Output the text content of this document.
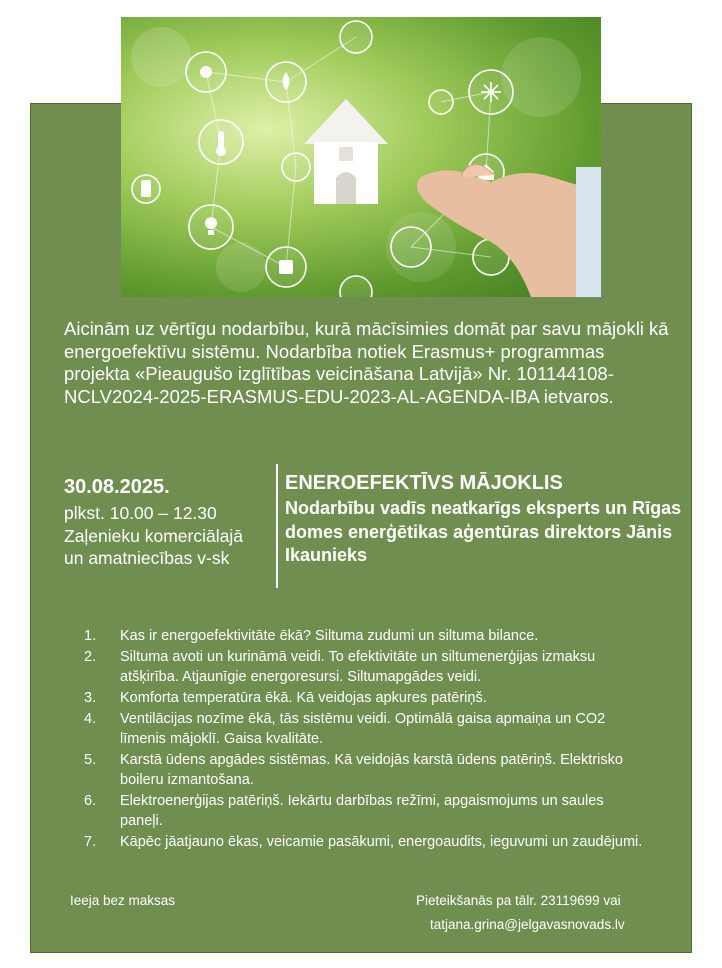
Aicinām uz vērtīgu nodarbību, kurā mācīsimies domāt par savu mājokli kā energoefektīvu sistēmu. Nodarbība notiek Erasmus+ programmas projekta «Pieaugušo izglītības veicināšana Latvijā» Nr. 101144108-NCLV2024-2025-ERASMUS-EDU-2023-AL-AGENDA-IBA ietvaros.
30.08.2025.
plkst. 10.00 – 12.30
Zaļenieku komerciālajā
un amatniecības v-sk
ENEROEFEKTĪVS MĀJOKLIS
Nodarbību vadīs neatkarīgs eksperts un Rīgas domes enerģētikas aģentūras direktors Jānis Ikaunieks
1. Kas ir energoefektivitāte ēkā? Siltuma zudumi un siltuma bilance.
2. Siltuma avoti un kurināmā veidi. To efektivitāte un siltumenerģijas izmaksu atšķirība. Atjaunīgie energoresursi. Siltumapgādes veidi.
3. Komforta temperatūra ēkā. Kā veidojas apkures patēriņš.
4. Ventilācijas nozīme ēkā, tās sistēmu veidi. Optimālā gaisa apmaiņa un CO2 līmenis mājoklī. Gaisa kvalitāte.
5. Karstā ūdens apgādes sistēmas. Kā veidojās karstā ūdens patēriņš. Elektrisko boileru izmantošana.
6. Elektroenerģijas patēriņš. Iekārtu darbības režīmi, apgaismojums un saules paneļi.
7. Kāpēc jāatjauno ēkas, veicamie pasākumi, energoaudits, ieguvumi un zaudējumi.
Ieeja bez maksas	Pieteikšanās pa tālr. 23119699 vai
tatjana.grina@jelgavasnovads.lv
